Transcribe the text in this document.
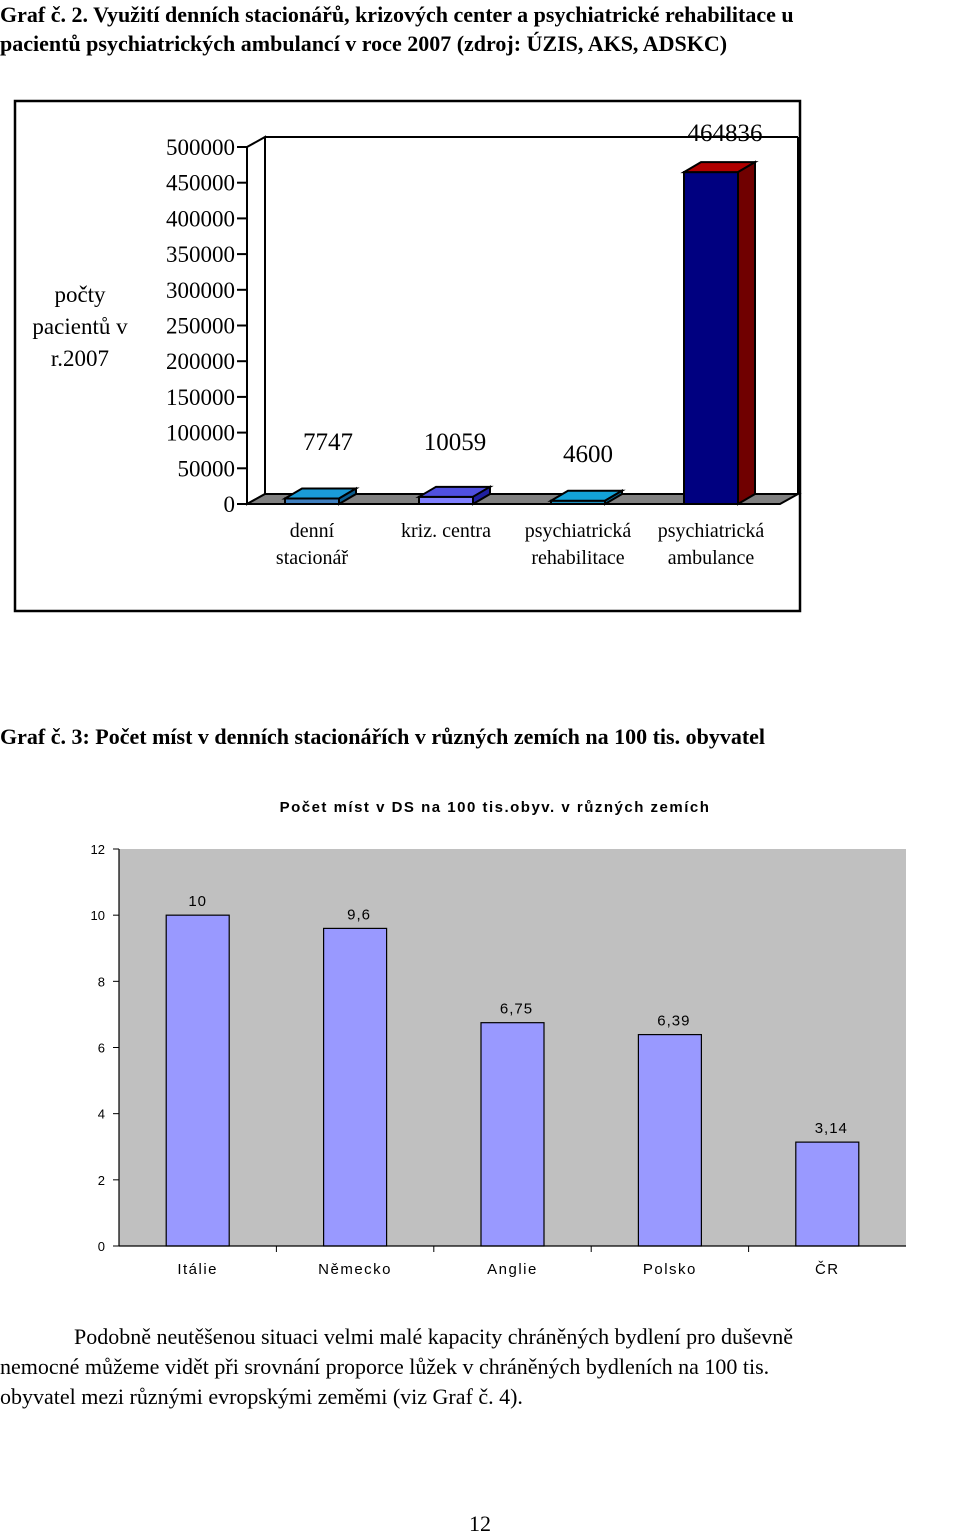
Graf č. 2. Využití denních stacionářů, krizových center a psychiatrické rehabilitace u
pacientů psychiatrických ambulancí v roce 2007 (zdroj: ÚZIS, AKS, ADSKC)
počty
pacientů v
r.2007
500000
450000
400000
350000
300000
250000
200000
150000
100000
50000
0
7747	10059	4600
464836
denní
stacionář
kriz. centra psychiatrická
rehabilitace
psychiatrická
ambulance
Graf č. 3: Počet míst v denních stacionářích v různých zemích na 100 tis. obyvatel
Počet míst v DS na 100 tis.obyv. v různých zemích
10
9,6
6,75
6,39
3,14
12
10
8
6
4
2
0
Itálie	Německo	Anglie	Polsko	ČR
Podobně neutěšenou situaci velmi malé kapacity chráněných bydlení pro duševně
nemocné můžeme vidět při srovnání proporce lůžek v chráněných bydleních na 100 tis.
obyvatel mezi různými evropskými zeměmi (viz Graf č. 4).
12
